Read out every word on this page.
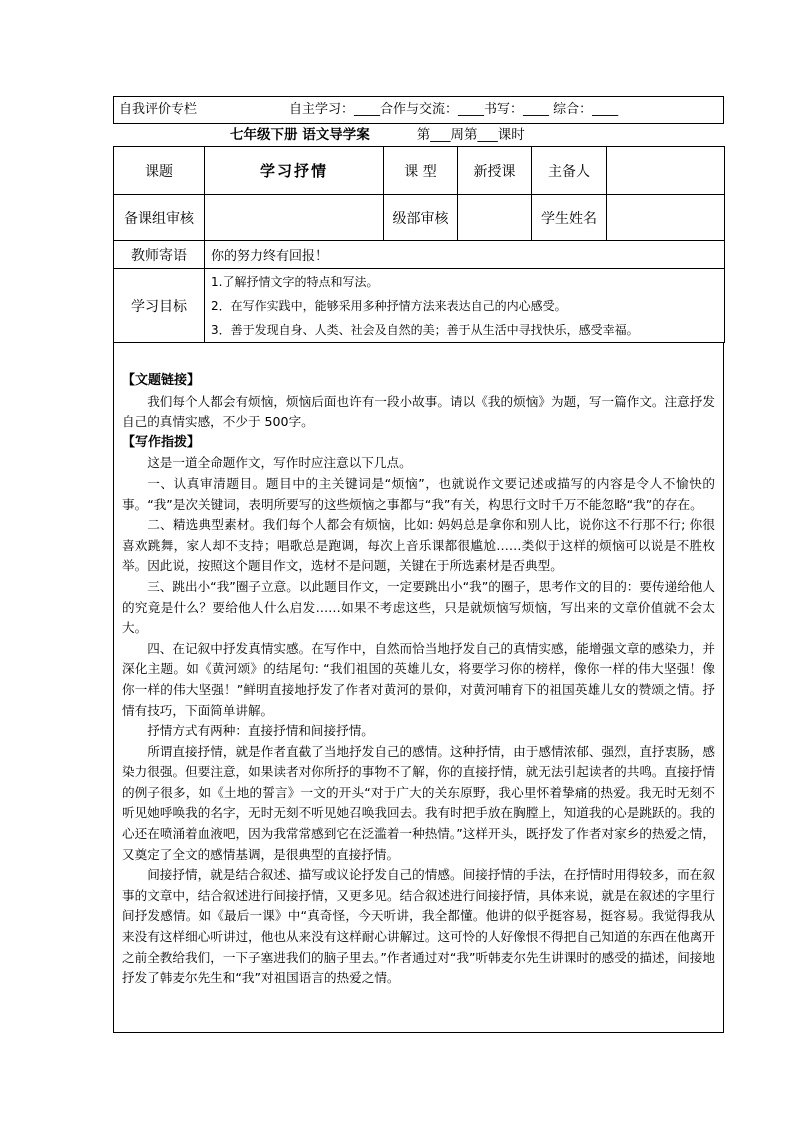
自我评价专栏	自主学习：____合作与交流：____书写：____ 综合：____
七年级下册 语文导学案	第___周第___课时
课题	学习抒情	课 型	新授课	主备人	
备课组审核		级部审核		学生姓名	
教师寄语	你的努力终有回报！				
学习目标	1.了解抒情文字的特点和写法。
2．在写作实践中，能够采用多种抒情方法来表达自己的内心感受。
3．善于发现自身、人类、社会及自然的美；善于从生活中寻找快乐，感受幸福。				

【文题链接】

我们每个人都会有烦恼，烦恼后面也许有一段小故事。请以《我的烦恼》为题，写一篇作文。注意抒发自己的真情实感，不少于 500字。

【写作指拨】

这是一道全命题作文，写作时应注意以下几点。

一、认真审清题目。题目中的主关键词是“烦恼”，也就说作文要记述或描写的内容是令人不愉快的事。“我”是次关键词，表明所要写的这些烦恼之事都与“我”有关，构思行文时千万不能忽略“我”的存在。

二、精选典型素材。我们每个人都会有烦恼，比如: 妈妈总是拿你和别人比，说你这不行那不行; 你很喜欢跳舞，家人却不支持；唱歌总是跑调，每次上音乐课都很尴尬……类似于这样的烦恼可以说是不胜枚举。因此说，按照这个题目作文，选材不是问题，关键在于所选素材是否典型。

三、跳出小“我”圈子立意。以此题目作文，一定要跳出小“我”的圈子，思考作文的目的：要传递给他人的究竟是什么？要给他人什么启发……如果不考虑这些，只是就烦恼写烦恼，写出来的文章价值就不会太大。

四、在记叙中抒发真情实感。在写作中，自然而恰当地抒发自己的真情实感，能增强文章的感染力，并深化主题。如《黄河颂》的结尾句: “我们祖国的英雄儿女，将要学习你的榜样，像你一样的伟大坚强！像你一样的伟大坚强！”鲜明直接地抒发了作者对黄河的景仰，对黄河哺育下的祖国英雄儿女的赞颂之情。抒情有技巧，下面简单讲解。

抒情方式有两种：直接抒情和间接抒情。

所谓直接抒情，就是作者直截了当地抒发自己的感情。这种抒情，由于感情浓郁、强烈，直抒衷肠，感染力很强。但要注意，如果读者对你所抒的事物不了解，你的直接抒情，就无法引起读者的共鸣。直接抒情的例子很多，如《土地的誓言》一文的开头“对于广大的关东原野，我心里怀着挚痛的热爱。我无时无刻不听见她呼唤我的名字，无时无刻不听见她召唤我回去。我有时把手放在胸膛上，知道我的心是跳跃的。我的心还在喷涌着血液吧，因为我常常感到它在泛滥着一种热情。”这样开头，既抒发了作者对家乡的热爱之情，又奠定了全文的感情基调，是很典型的直接抒情。

间接抒情，就是结合叙述、描写或议论抒发自己的情感。间接抒情的手法，在抒情时用得较多，而在叙事的文章中，结合叙述进行间接抒情，又更多见。结合叙述进行间接抒情，具体来说，就是在叙述的字里行间抒发感情。如《最后一课》中“真奇怪，今天听讲，我全都懂。他讲的似乎挺容易，挺容易。我觉得我从来没有这样细心听讲过，他也从来没有这样耐心讲解过。这可怜的人好像恨不得把自己知道的东西在他离开之前全教给我们，一下子塞进我们的脑子里去。”作者通过对“我”听韩麦尔先生讲课时的感受的描述，间接地抒发了韩麦尔先生和“我”对祖国语言的热爱之情。
